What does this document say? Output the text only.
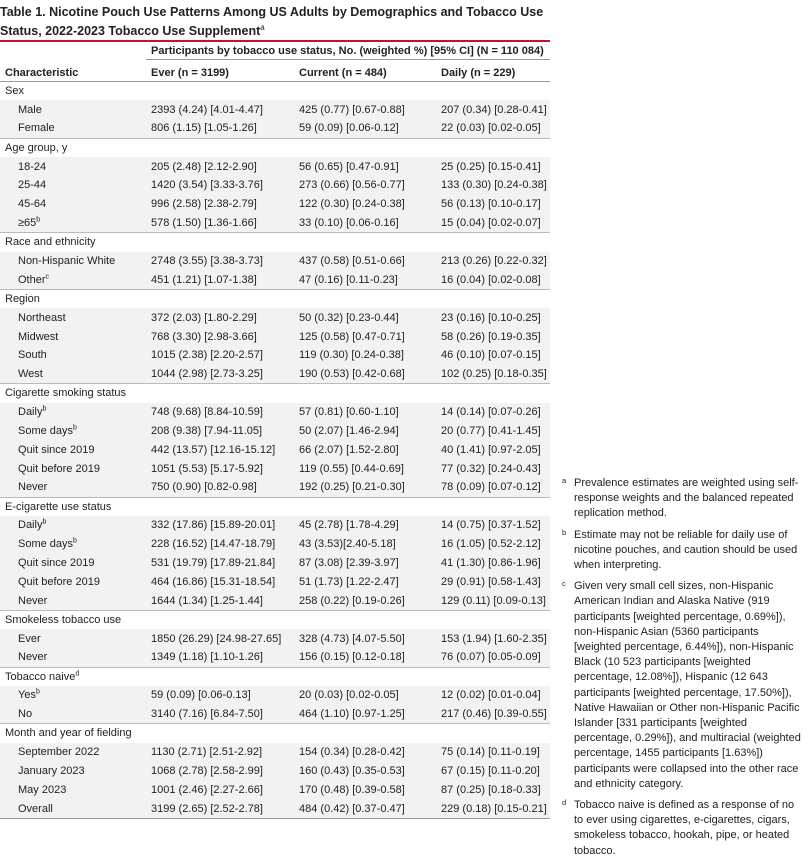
Table 1. Nicotine Pouch Use Patterns Among US Adults by Demographics and Tobacco Use Status, 2022-2023 Tobacco Use Supplement$^a$
	Participants by tobacco use status, No. (weighted %) [95% CI] (N = 110 084)		
Characteristic	Ever (n = 3199)	Current (n = 484)	Daily (n = 229)
Sex			
Male	2393 (4.24) [4.01-4.47]	425 (0.77) [0.67-0.88]	207 (0.34) [0.28-0.41]
Female	806 (1.15) [1.05-1.26]	59 (0.09) [0.06-0.12]	22 (0.03) [0.02-0.05]
Age group, y			
18-24	205 (2.48) [2.12-2.90]	56 (0.65) [0.47-0.91]	25 (0.25) [0.15-0.41]
25-44	1420 (3.54) [3.33-3.76]	273 (0.66) [0.56-0.77]	133 (0.30) [0.24-0.38]
45-64	996 (2.58) [2.38-2.79]	122 (0.30) [0.24-0.38]	56 (0.13) [0.10-0.17]
$\ge 65^b$	578 (1.50) [1.36-1.66]	33 (0.10) [0.06-0.16]	15 (0.04) [0.02-0.07]
Race and ethnicity			
Non-Hispanic White	2748 (3.55) [3.38-3.73]	437 (0.58) [0.51-0.66]	213 (0.26) [0.22-0.32]
Other$^c$	451 (1.21) [1.07-1.38]	47 (0.16) [0.11-0.23]	16 (0.04) [0.02-0.08]
Region			
Northeast	372 (2.03) [1.80-2.29]	50 (0.32) [0.23-0.44]	23 (0.16) [0.10-0.25]
Midwest	768 (3.30) [2.98-3.66]	125 (0.58) [0.47-0.71]	58 (0.26) [0.19-0.35]
South	1015 (2.38) [2.20-2.57]	119 (0.30) [0.24-0.38]	46 (0.10) [0.07-0.15]
West	1044 (2.98) [2.73-3.25]	190 (0.53) [0.42-0.68]	102 (0.25) [0.18-0.35]
Cigarette smoking status			
Daily$^b$	748 (9.68) [8.84-10.59]	57 (0.81) [0.60-1.10]	14 (0.14) [0.07-0.26]
Some days$^b$	208 (9.38) [7.94-11.05]	50 (2.07) [1.46-2.94]	20 (0.77) [0.41-1.45]
Quit since 2019	442 (13.57) [12.16-15.12]	66 (2.07) [1.52-2.80]	40 (1.41) [0.97-2.05]
Quit before 2019	1051 (5.53) [5.17-5.92]	119 (0.55) [0.44-0.69]	77 (0.32) [0.24-0.43]
Never	750 (0.90) [0.82-0.98]	192 (0.25) [0.21-0.30]	78 (0.09) [0.07-0.12]
E-cigarette use status			
Daily$^b$	332 (17.86) [15.89-20.01]	45 (2.78) [1.78-4.29]	14 (0.75) [0.37-1.52]
Some days$^b$	228 (16.52) [14.47-18.79]	43 (3.53)[2.40-5.18]	16 (1.05) [0.52-2.12]
Quit since 2019	531 (19.79) [17.89-21.84]	87 (3.08) [2.39-3.97]	41 (1.30) [0.86-1.96]
Quit before 2019	464 (16.86) [15.31-18.54]	51 (1.73) [1.22-2.47]	29 (0.91) [0.58-1.43]
Never	1644 (1.34) [1.25-1.44]	258 (0.22) [0.19-0.26]	129 (0.11) [0.09-0.13]
Smokeless tobacco use			
Ever	1850 (26.29) [24.98-27.65]	328 (4.73) [4.07-5.50]	153 (1.94) [1.60-2.35]
Never	1349 (1.18) [1.10-1.26]	156 (0.15) [0.12-0.18]	76 (0.07) [0.05-0.09]
Tobacco naive$^d$
Yes$^b$	59 (0.09) [0.06-0.13]	20 (0.03) [0.02-0.05]	12 (0.02) [0.01-0.04]
No	3140 (7.16) [6.84-7.50]	464 (1.10) [0.97-1.25]	217 (0.46) [0.39-0.55]
Month and year of fielding			
September 2022	1130 (2.71) [2.51-2.92]	154 (0.34) [0.28-0.42]	75 (0.14) [0.11-0.19]
January 2023	1068 (2.78) [2.58-2.99]	160 (0.43) [0.35-0.53]	67 (0.15) [0.11-0.20]
May 2023	1001 (2.46) [2.27-2.66]	170 (0.48) [0.39-0.58]	87 (0.25) [0.18-0.33]
Overall	3199 (2.65) [2.52-2.78]	484 (0.42) [0.37-0.47]	229 (0.18) [0.15-0.21]
a Prevalence estimates are weighted using self-response weights and the balanced repeated replication method.
b Estimate may not be reliable for daily use of nicotine pouches, and caution should be used when interpreting.
c Given very small cell sizes, non-Hispanic American Indian and Alaska Native (919 participants [weighted percentage, 0.69%]), non-Hispanic Asian (5360 participants [weighted percentage, 6.44%]), non-Hispanic Black (10 523 participants [weighted percentage, 12.08%]), Hispanic (12 643 participants [weighted percentage, 17.50%]), Native Hawaiian or Other non-Hispanic Pacific Islander [331 participants [weighted percentage, 0.29%]), and multiracial (weighted percentage, 1455 participants [1.63%]) participants were collapsed into the other race and ethnicity category.
d Tobacco naive is defined as a response of no to ever using cigarettes, e-cigarettes, cigars, smokeless tobacco, hookah, pipe, or heated tobacco.
